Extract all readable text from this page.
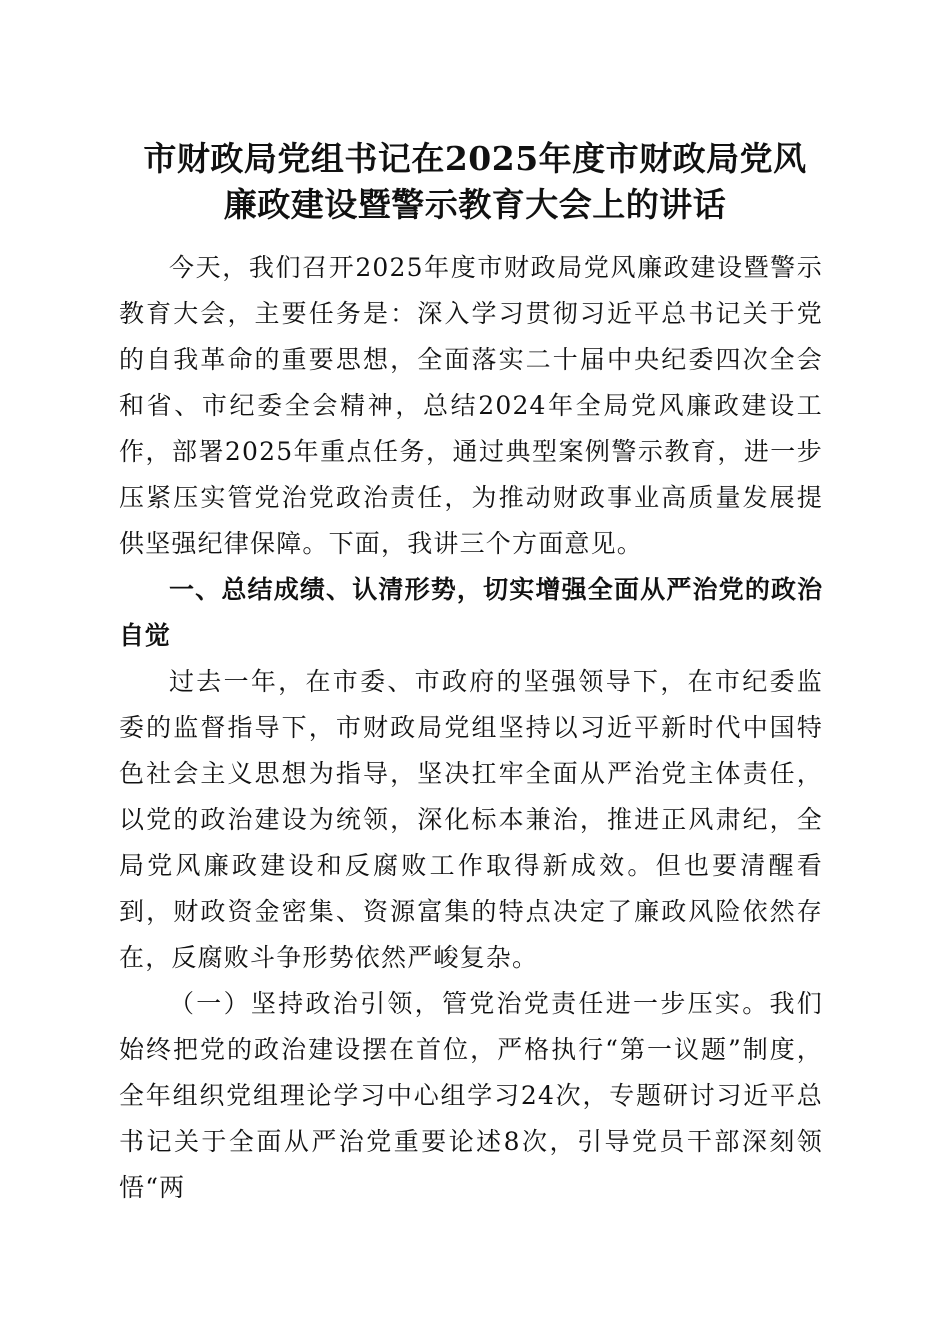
市财政局党组书记在2025年度市财政局党风
廉政建设暨警示教育大会上的讲话

今天，我们召开2025年度市财政局党风廉政建设暨警示教育大会，主要任务是：深入学习贯彻习近平总书记关于党的自我革命的重要思想，全面落实二十届中央纪委四次全会和省、市纪委全会精神，总结2024年全局党风廉政建设工作，部署2025年重点任务，通过典型案例警示教育，进一步压紧压实管党治党政治责任，为推动财政事业高质量发展提供坚强纪律保障。下面，我讲三个方面意见。

一、总结成绩、认清形势，切实增强全面从严治党的政治自觉

过去一年，在市委、市政府的坚强领导下，在市纪委监委的监督指导下，市财政局党组坚持以习近平新时代中国特色社会主义思想为指导，坚决扛牢全面从严治党主体责任，以党的政治建设为统领，深化标本兼治，推进正风肃纪，全局党风廉政建设和反腐败工作取得新成效。但也要清醒看到，财政资金密集、资源富集的特点决定了廉政风险依然存在，反腐败斗争形势依然严峻复杂。

（一）坚持政治引领，管党治党责任进一步压实。我们始终把党的政治建设摆在首位，严格执行“第一议题”制度，全年组织党组理论学习中心组学习24次，专题研讨习近平总书记关于全面从严治党重要论述8次，引导党员干部深刻领悟“两
